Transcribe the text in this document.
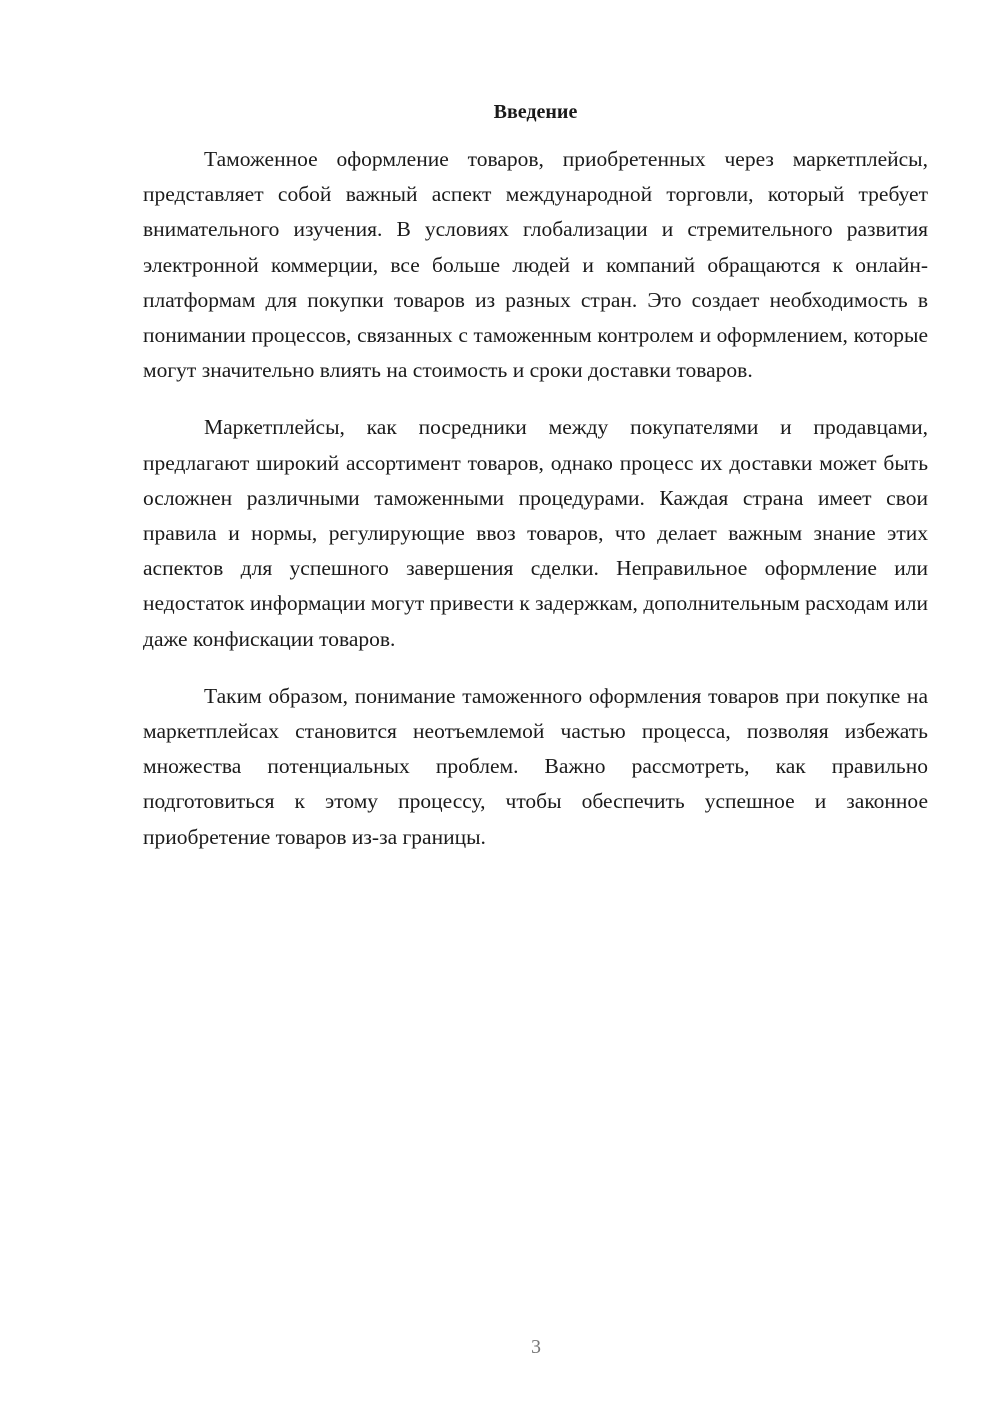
Введение

Таможенное оформление товаров, приобретенных через маркетплейсы, представляет собой важный аспект международной торговли, который требует внимательного изучения. В условиях глобализации и стремительного развития электронной коммерции, все больше людей и компаний обращаются к онлайн-платформам для покупки товаров из разных стран. Это создает необходимость в понимании процессов, связанных с таможенным контролем и оформлением, которые могут значительно влиять на стоимость и сроки доставки товаров.

Маркетплейсы, как посредники между покупателями и продавцами, предлагают широкий ассортимент товаров, однако процесс их доставки может быть осложнен различными таможенными процедурами. Каждая страна имеет свои правила и нормы, регулирующие ввоз товаров, что делает важным знание этих аспектов для успешного завершения сделки. Неправильное оформление или недостаток информации могут привести к задержкам, дополнительным расходам или даже конфискации товаров.

Таким образом, понимание таможенного оформления товаров при покупке на маркетплейсах становится неотъемлемой частью процесса, позволяя избежать множества потенциальных проблем. Важно рассмотреть, как правильно подготовиться к этому процессу, чтобы обеспечить успешное и законное приобретение товаров из-за границы.

3
